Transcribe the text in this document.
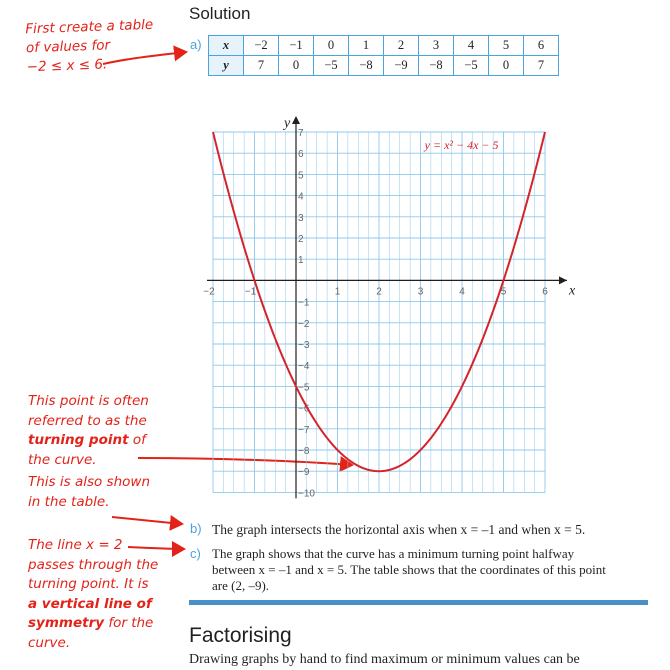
Solution
First create a table
of values for
−2 ≤ x ≤ 6.
a) x	−2	−1	0	1	2	3	4	5	6
y	7	0	−5	−8	−9	−8	−5	0	7
−2	−1	1	2	3	4	5	6
7
6
5
4
3
2
1
−1
−2
−3
−4
−5
−6
−7
−8
−9
−10
y = x² − 4x − 5
x
y
This point is often
referred to as the
turning point of
the curve.
This is also shown
in the table.
The line x = 2
passes through the
turning point. It is
a vertical line of
symmetry for the
curve.
b) The graph intersects the horizontal axis when x = –1 and when x = 5.
c) The graph shows that the curve has a minimum turning point halfway
between x = –1 and x = 5. The table shows that the coordinates of this point
are (2, –9).
Factorising
Drawing graphs by hand to find maximum or minimum values can be
